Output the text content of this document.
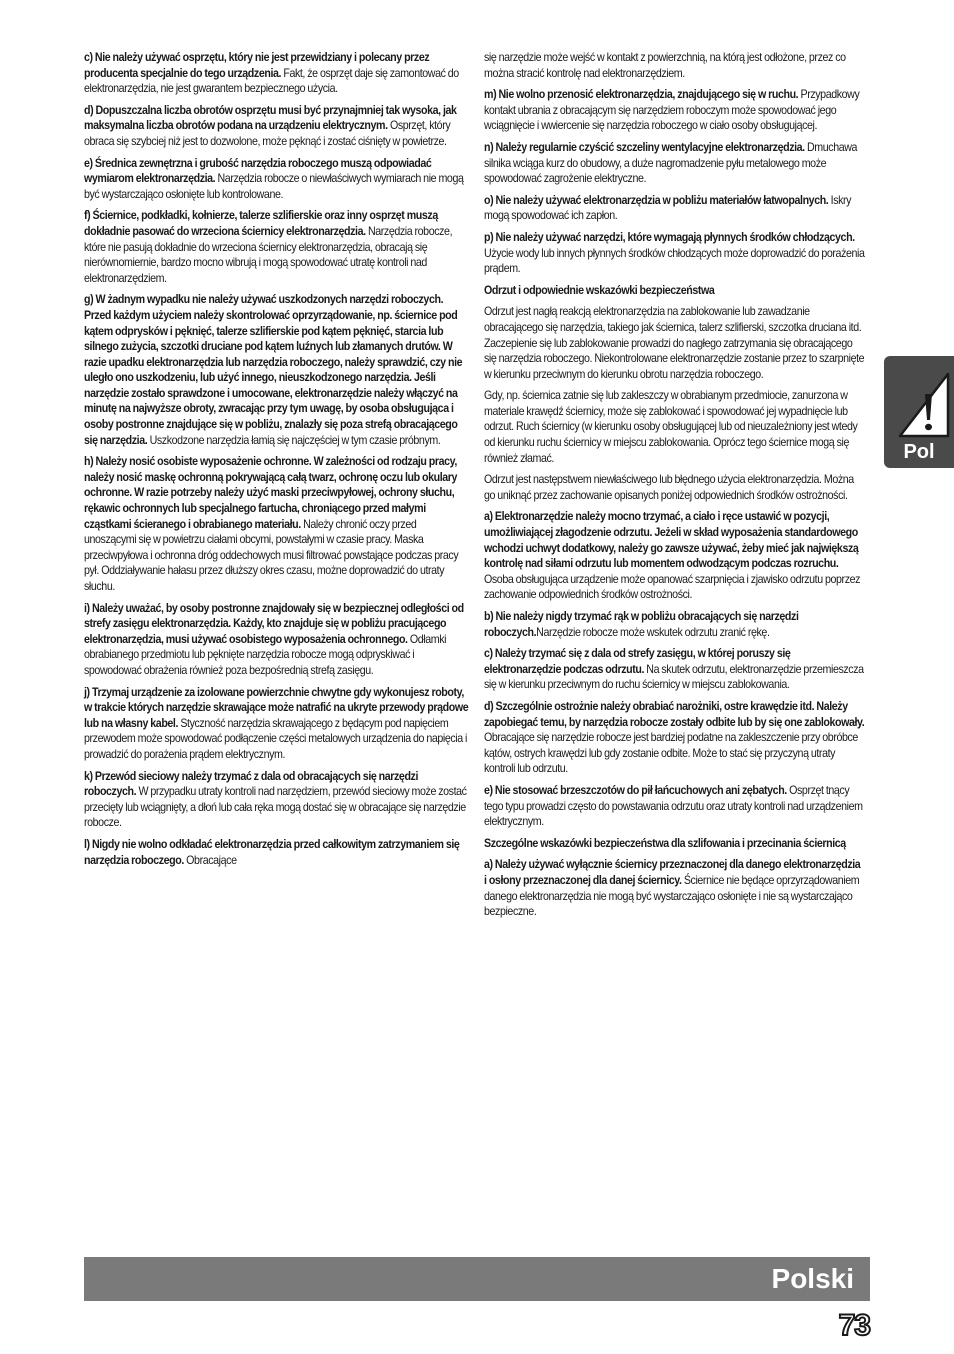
c) Nie należy używać osprzętu, który nie jest przewidziany i polecany przez producenta specjalnie do tego urządzenia. Fakt, że osprzęt daje się zamontować do elektronarzędzia, nie jest gwarantem bezpiecznego użycia.

d) Dopuszczalna liczba obrotów osprzętu musi być przynajmniej tak wysoka, jak maksymalna liczba obrotów podana na urządzeniu elektrycznym. Osprzęt, który obraca się szybciej niż jest to dozwolone, może pęknąć i zostać ciśnięty w powietrze.

e) Średnica zewnętrzna i grubość narzędzia roboczego muszą odpowiadać wymiarom elektronarzędzia. Narzędzia robocze o niewłaściwych wymiarach nie mogą być wystarczająco osłonięte lub kontrolowane.

f) Ściernice, podkładki, kołnierze, talerze szlifierskie oraz inny osprzęt muszą dokładnie pasować do wrzeciona ściernicy elektronarzędzia. Narzędzia robocze, które nie pasują dokładnie do wrzeciona ściernicy elektronarzędzia, obracają się nierównomiernie, bardzo mocno wibrują i mogą spowodować utratę kontroli nad elektronarzędziem.

g) W żadnym wypadku nie należy używać uszkodzonych narzędzi roboczych. Przed każdym użyciem należy skontrolować oprzyrządowanie, np. ściernice pod kątem odprysków i pęknięć, talerze szlifierskie pod kątem pęknięć, starcia lub silnego zużycia, szczotki druciane pod kątem luźnych lub złamanych drutów. W razie upadku elektronarzędzia lub narzędzia roboczego, należy sprawdzić, czy nie uległo ono uszkodzeniu, lub użyć innego, nieuszkodzonego narzędzia. Jeśli narzędzie zostało sprawdzone i umocowane, elektronarzędzie należy włączyć na minutę na najwyższe obroty, zwracając przy tym uwagę, by osoba obsługująca i osoby postronne znajdujące się w pobliżu, znalazły się poza strefą obracającego się narzędzia. Uszkodzone narzędzia łamią się najczęściej w tym czasie próbnym.

h) Należy nosić osobiste wyposażenie ochronne. W zależności od rodzaju pracy, należy nosić maskę ochronną pokrywającą całą twarz, ochronę oczu lub okulary ochronne. W razie potrzeby należy użyć maski przeciwpyłowej, ochrony słuchu, rękawic ochronnych lub specjalnego fartucha, chroniącego przed małymi cząstkami ścieranego i obrabianego materiału. Należy chronić oczy przed unoszącymi się w powietrzu ciałami obcymi, powstałymi w czasie pracy. Maska przeciwpyłowa i ochronna dróg oddechowych musi filtrować powstające podczas pracy pył. Oddziaływanie hałasu przez dłuższy okres czasu, możne doprowadzić do utraty słuchu.

i) Należy uważać, by osoby postronne znajdowały się w bezpiecznej odległości od strefy zasięgu elektronarzędzia. Każdy, kto znajduje się w pobliżu pracującego elektronarzędzia, musi używać osobistego wyposażenia ochronnego. Odłamki obrabianego przedmiotu lub pęknięte narzędzia robocze mogą odpryskiwać i spowodować obrażenia również poza bezpośrednią strefą zasięgu.

j) Trzymaj urządzenie za izolowane powierzchnie chwytne gdy wykonujesz roboty, w trakcie których narzędzie skrawające może natrafić na ukryte przewody prądowe lub na własny kabel. Styczność narzędzia skrawającego z będącym pod napięciem przewodem może spowodować podłączenie części metalowych urządzenia do napięcia i prowadzić do porażenia prądem elektrycznym.

k) Przewód sieciowy należy trzymać z dala od obracających się narzędzi roboczych. W przypadku utraty kontroli nad narzędziem, przewód sieciowy może zostać przecięty lub wciągnięty, a dłoń lub cała ręka mogą dostać się w obracające się narzędzie robocze.

l) Nigdy nie wolno odkładać elektronarzędzia przed całkowitym zatrzymaniem się narzędzia roboczego. Obracające

się narzędzie może wejść w kontakt z powierzchnią, na którą jest odłożone, przez co można stracić kontrolę nad elektronarzędziem.

m) Nie wolno przenosić elektronarzędzia, znajdującego się w ruchu. Przypadkowy kontakt ubrania z obracającym się narzędziem roboczym może spowodować jego wciągnięcie i wwiercenie się narzędzia roboczego w ciało osoby obsługującej.

n) Należy regularnie czyścić szczeliny wentylacyjne elektronarzędzia. Dmuchawa silnika wciąga kurz do obudowy, a duże nagromadzenie pyłu metalowego może spowodować zagrożenie elektryczne.

o) Nie należy używać elektronarzędzia w pobliżu materiałów łatwopalnych. Iskry mogą spowodować ich zapłon.

p) Nie należy używać narzędzi, które wymagają płynnych środków chłodzących. Użycie wody lub innych płynnych środków chłodzących może doprowadzić do porażenia prądem.

Odrzut i odpowiednie wskazówki bezpieczeństwa

Odrzut jest nagłą reakcją elektronarzędzia na zablokowanie lub zawadzanie obracającego się narzędzia, takiego jak ściernica, talerz szlifierski, szczotka druciana itd. Zaczepienie się lub zablokowanie prowadzi do nagłego zatrzymania się obracającego się narzędzia roboczego. Niekontrolowane elektronarzędzie zostanie przez to szarpnięte w kierunku przeciwnym do kierunku obrotu narzędzia roboczego.

Gdy, np. ściernica zatnie się lub zakleszczy w obrabianym przedmiocie, zanurzona w materiale krawędź ściernicy, może się zablokować i spowodować jej wypadnięcie lub odrzut. Ruch ściernicy (w kierunku osoby obsługującej lub od nieuzależniony jest wtedy od kierunku ruchu ściernicy w miejscu zablokowania. Oprócz tego ściernice mogą się również złamać.

Odrzut jest następstwem niewłaściwego lub błędnego użycia elektronarzędzia. Można go uniknąć przez zachowanie opisanych poniżej odpowiednich środków ostrożności.

a) Elektronarzędzie należy mocno trzymać, a ciało i ręce ustawić w pozycji, umożliwiającej złagodzenie odrzutu. Jeżeli w skład wyposażenia standardowego wchodzi uchwyt dodatkowy, należy go zawsze używać, żeby mieć jak największą kontrolę nad siłami odrzutu lub momentem odwodzącym podczas rozruchu. Osoba obsługująca urządzenie może opanować szarpnięcia i zjawisko odrzutu poprzez zachowanie odpowiednich środków ostrożności.

b) Nie należy nigdy trzymać rąk w pobliżu obracających się narzędzi roboczych.Narzędzie robocze może wskutek odrzutu zranić rękę.

c) Należy trzymać się z dala od strefy zasięgu, w której poruszy się elektronarzędzie podczas odrzutu. Na skutek odrzutu, elektronarzędzie przemieszcza się w kierunku przeciwnym do ruchu ściernicy w miejscu zablokowania.

d) Szczególnie ostrożnie należy obrabiać narożniki, ostre krawędzie itd. Należy zapobiegać temu, by narzędzia robocze zostały odbite lub by się one zablokowały. Obracające się narzędzie robocze jest bardziej podatne na zakleszczenie przy obróbce kątów, ostrych krawędzi lub gdy zostanie odbite. Może to stać się przyczyną utraty kontroli lub odrzutu.

e) Nie stosować brzeszczotów do pił łańcuchowych ani zębatych. Osprzęt tnący tego typu prowadzi często do powstawania odrzutu oraz utraty kontroli nad urządzeniem elektrycznym.

Szczególne wskazówki bezpieczeństwa dla szlifowania i przecinania ściernicą

a) Należy używać wyłącznie ściernicy przeznaczonej dla danego elektronarzędzia i osłony przeznaczonej dla danej ściernicy. Ściernice nie będące oprzyrządowaniem danego elektronarzędzia nie mogą być wystarczająco osłonięte i nie są wystarczająco bezpieczne.

Pol
Polski
73
